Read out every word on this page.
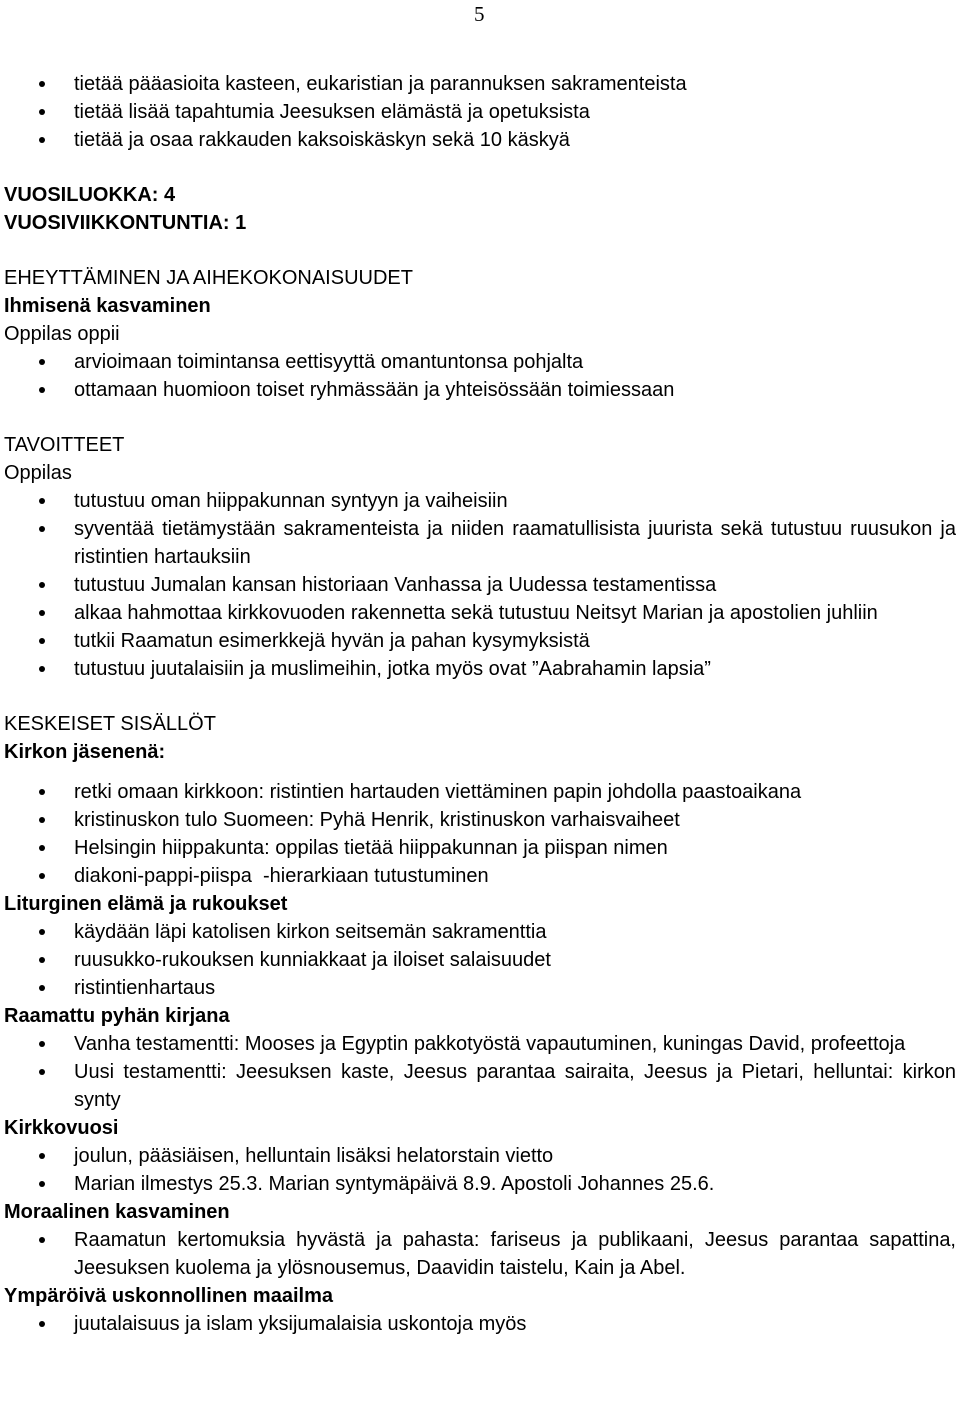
5
tietää pääasioita kasteen, eukaristian ja parannuksen sakramenteista
tietää lisää tapahtumia Jeesuksen elämästä ja opetuksista
tietää ja osaa rakkauden kaksoiskäskyn sekä 10 käskyä

VUOSILUOKKA: 4

VUOSIVIIKKONTUNTIA: 1

EHEYTTÄMINEN JA AIHEKOKONAISUUDET

Ihmisenä kasvaminen

Oppilas oppii

arvioimaan toimintansa eettisyyttä omantuntonsa pohjalta
ottamaan huomioon toiset ryhmässään ja yhteisössään toimiessaan

TAVOITTEET

Oppilas

tutustuu oman hiippakunnan syntyyn ja vaiheisiin
syventää tietämystään sakramenteista ja niiden raamatullisista juurista sekä tutustuu ruusukon ja ristintien hartauksiin
tutustuu Jumalan kansan historiaan Vanhassa ja Uudessa testamentissa
alkaa hahmottaa kirkkovuoden rakennetta sekä tutustuu Neitsyt Marian ja apostolien juhliin
tutkii Raamatun esimerkkejä hyvän ja pahan kysymyksistä
tutustuu juutalaisiin ja muslimeihin, jotka myös ovat ”Aabrahamin lapsia”

KESKEISET SISÄLLÖT

Kirkon jäsenenä:

retki omaan kirkkoon: ristintien hartauden viettäminen papin johdolla paastoaikana
kristinuskon tulo Suomeen: Pyhä Henrik, kristinuskon varhaisvaiheet
Helsingin hiippakunta: oppilas tietää hiippakunnan ja piispan nimen
diakoni-pappi-piispa  -hierarkiaan tutustuminen

Liturginen elämä ja rukoukset

käydään läpi katolisen kirkon seitsemän sakramenttia
ruusukko-rukouksen kunniakkaat ja iloiset salaisuudet
ristintienhartaus

Raamattu pyhän kirjana

Vanha testamentti: Mooses ja Egyptin pakkotyöstä vapautuminen, kuningas David, profeettoja
Uusi testamentti: Jeesuksen kaste, Jeesus parantaa sairaita, Jeesus ja Pietari, helluntai: kirkon synty

Kirkkovuosi

joulun, pääsiäisen, helluntain lisäksi helatorstain vietto
Marian ilmestys 25.3. Marian syntymäpäivä 8.9. Apostoli Johannes 25.6.

Moraalinen kasvaminen

Raamatun kertomuksia hyvästä ja pahasta: fariseus ja publikaani, Jeesus parantaa sapattina, Jeesuksen kuolema ja ylösnousemus, Daavidin taistelu, Kain ja Abel.

Ympäröivä uskonnollinen maailma

juutalaisuus ja islam yksijumalaisia uskontoja myös
